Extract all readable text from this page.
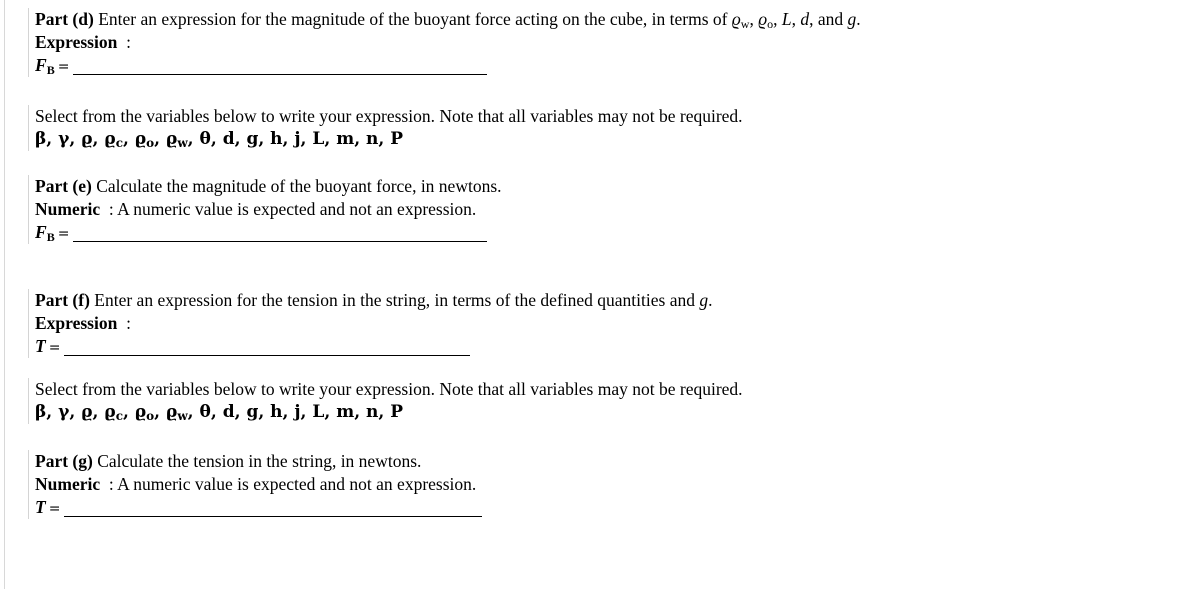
Part (d) Enter an expression for the magnitude of the buoyant force acting on the cube, in terms of $ϱ_w$, $ϱ_o$, L, d, and g.
Expression  :
$F_B$ =
Select from the variables below to write your expression. Note that all variables may not be required.
β, γ, ϱ, $ϱ_c$, $ϱ_o$, $ϱ_w$, θ, d, g, h, j, L, m, n, P
Part (e) Calculate the magnitude of the buoyant force, in newtons.
Numeric  : A numeric value is expected and not an expression.
$F_B$ =
Part (f) Enter an expression for the tension in the string, in terms of the defined quantities and g.
Expression  :
T =
Select from the variables below to write your expression. Note that all variables may not be required.
β, γ, ϱ, $ϱ_c$, $ϱ_o$, $ϱ_w$, θ, d, g, h, j, L, m, n, P
Part (g) Calculate the tension in the string, in newtons.
Numeric  : A numeric value is expected and not an expression.
T =
